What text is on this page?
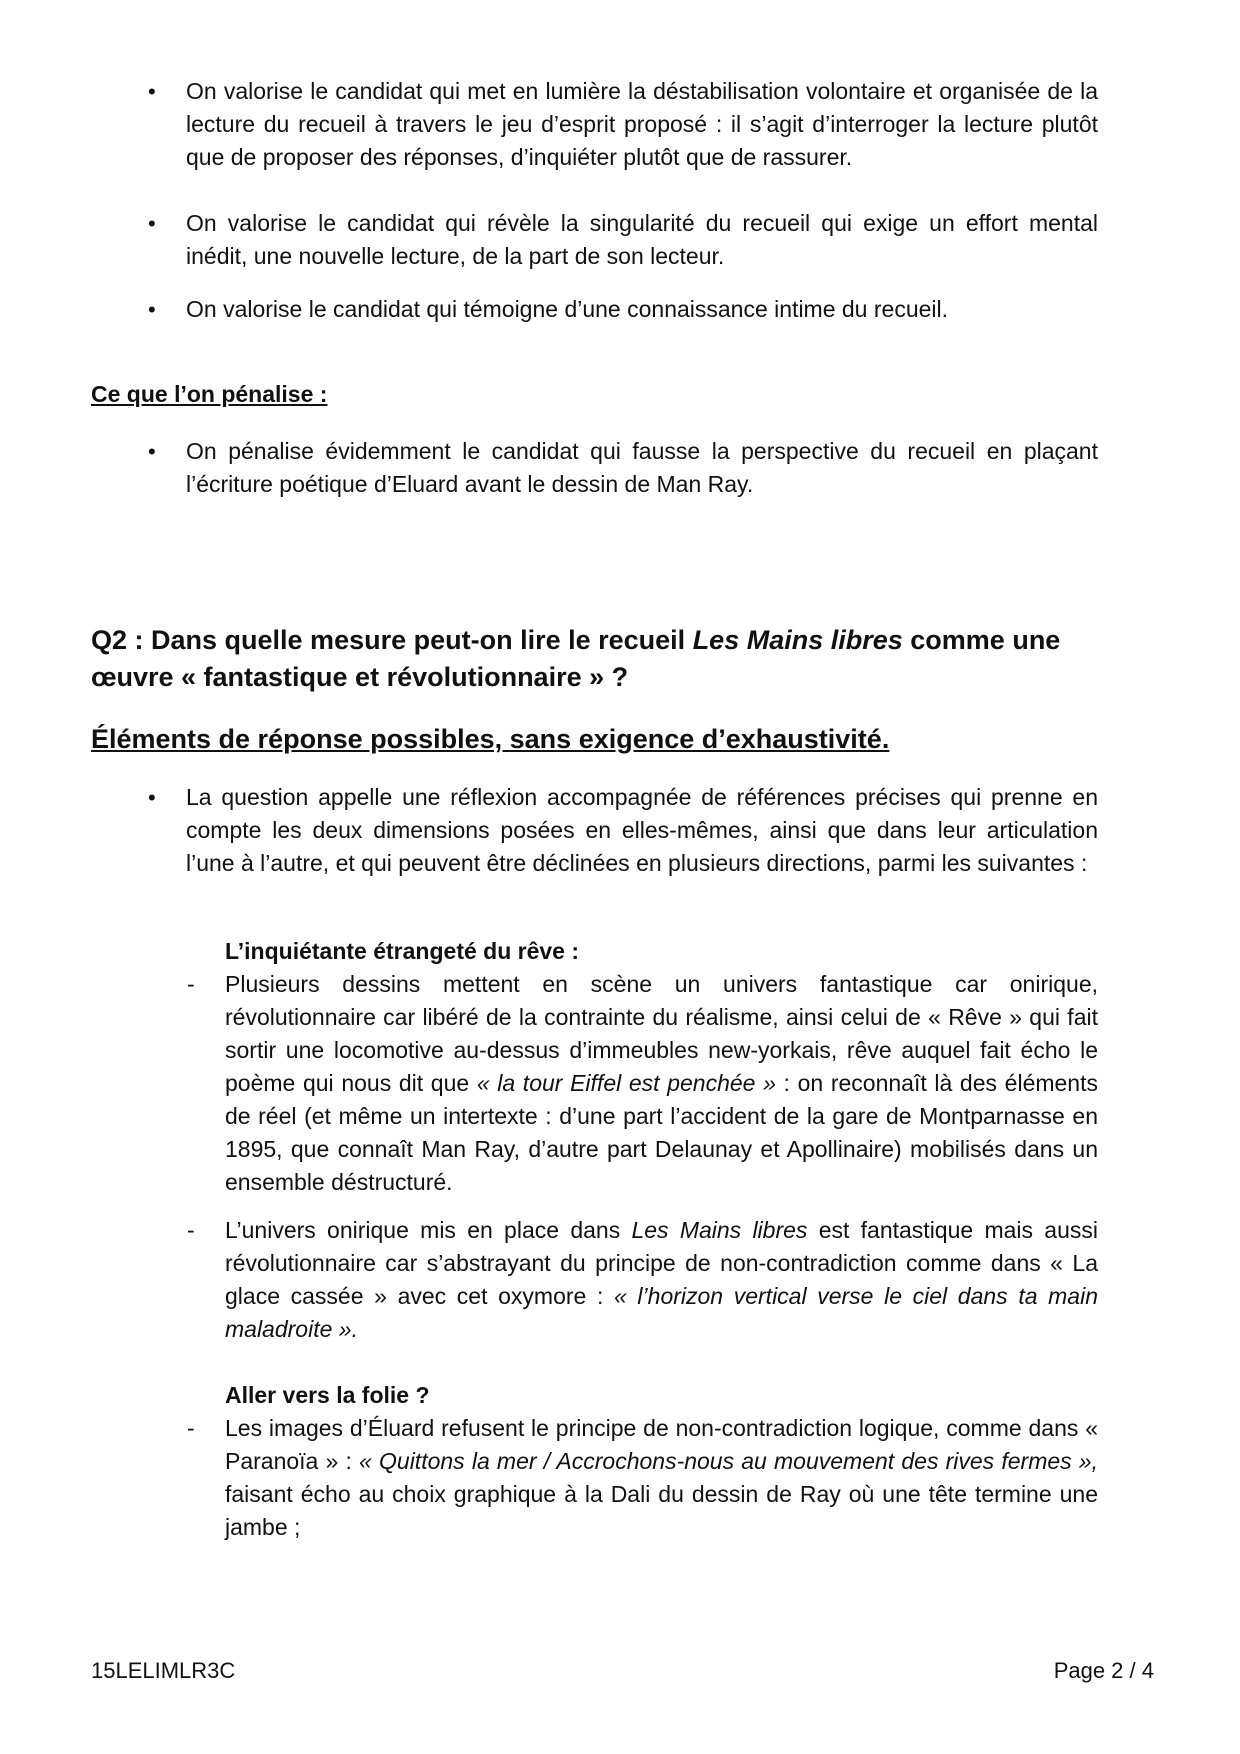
•	On valorise le candidat qui met en lumière la déstabilisation volontaire et organisée de la lecture du recueil à travers le jeu d’esprit proposé : il s’agit d’interroger la lecture plutôt que de proposer des réponses, d’inquiéter plutôt que de rassurer.

•	On valorise le candidat qui révèle la singularité du recueil qui exige un effort mental inédit, une nouvelle lecture, de la part de son lecteur.

•	On valorise le candidat qui témoigne d’une connaissance intime du recueil.

Ce que l’on pénalise :

•	On pénalise évidemment le candidat qui fausse la perspective du recueil en plaçant l’écriture poétique d’Eluard avant le dessin de Man Ray.

Q2 : Dans quelle mesure peut-on lire le recueil Les Mains libres comme une œuvre « fantastique et révolutionnaire » ?

Éléments de réponse possibles, sans exigence d’exhaustivité.

•	La question appelle une réflexion accompagnée de références précises qui prenne en compte les deux dimensions posées en elles-mêmes, ainsi que dans leur articulation l’une à l’autre, et qui peuvent être déclinées en plusieurs directions, parmi les suivantes :

L’inquiétante étrangeté du rêve :

- Plusieurs dessins mettent en scène un univers fantastique car onirique, révolutionnaire car libéré de la contrainte du réalisme, ainsi celui de « Rêve » qui fait sortir une locomotive au-dessus d’immeubles new-yorkais, rêve auquel fait écho le poème qui nous dit que « la tour Eiffel est penchée » : on reconnaît là des éléments de réel (et même un intertexte : d’une part l’accident de la gare de Montparnasse en 1895, que connaît Man Ray, d’autre part Delaunay et Apollinaire) mobilisés dans un ensemble déstructuré.

- L’univers onirique mis en place dans Les Mains libres est fantastique mais aussi révolutionnaire car s’abstrayant du principe de non-contradiction comme dans « La glace cassée » avec cet oxymore : « l’horizon vertical verse le ciel dans ta main maladroite ».

Aller vers la folie ?

- Les images d’Éluard refusent le principe de non-contradiction logique, comme dans « Paranoïa » : « Quittons la mer / Accrochons-nous au mouvement des rives fermes », faisant écho au choix graphique à la Dali du dessin de Ray où une tête termine une jambe ;

15LELIMLR3C	Page 2 / 4
